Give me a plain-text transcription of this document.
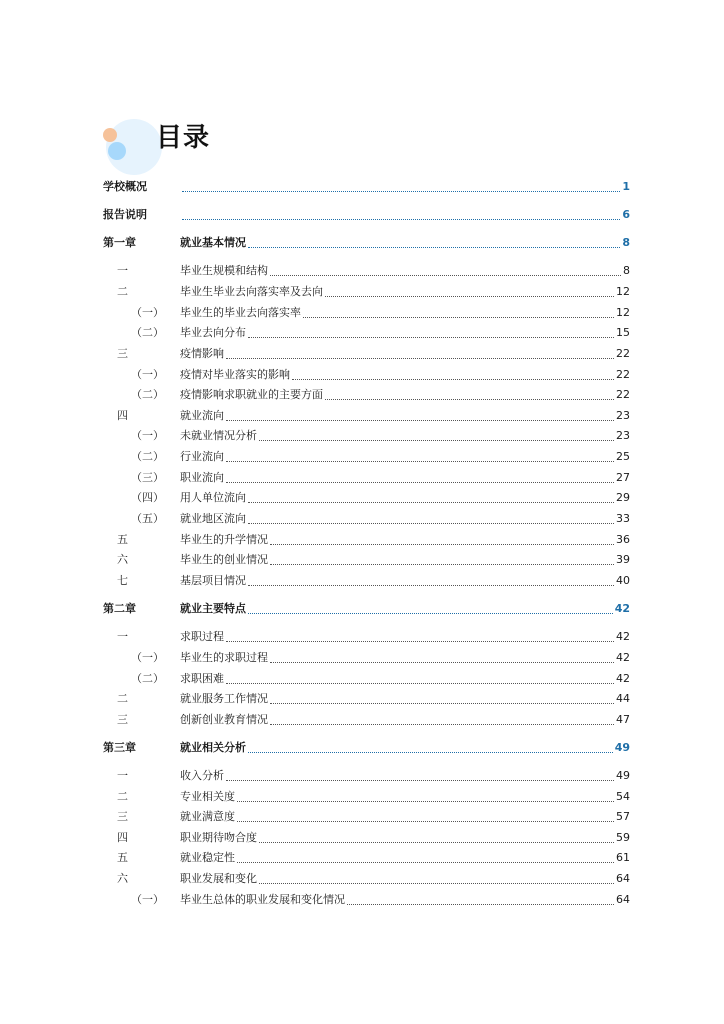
目录
学校概况	1
报告说明	6
第一章	就业基本情况	8
一	毕业生规模和结构	8
二	毕业生毕业去向落实率及去向	12
（一） 毕业生的毕业去向落实率	12
（二） 毕业去向分布	15
三	疫情影响	22
（一） 疫情对毕业落实的影响	22
（二） 疫情影响求职就业的主要方面	22
四	就业流向	23
（一） 未就业情况分析	23
（二） 行业流向	25
（三） 职业流向	27
（四） 用人单位流向	29
（五） 就业地区流向	33
五	毕业生的升学情况	36
六	毕业生的创业情况	39
七	基层项目情况	40
第二章	就业主要特点	42
一	求职过程	42
（一） 毕业生的求职过程	42
（二） 求职困难	42
二	就业服务工作情况	44
三	创新创业教育情况	47
第三章	就业相关分析	49
一	收入分析	49
二	专业相关度	54
三	就业满意度	57
四	职业期待吻合度	59
五	就业稳定性	61
六	职业发展和变化	64
（一） 毕业生总体的职业发展和变化情况	64
